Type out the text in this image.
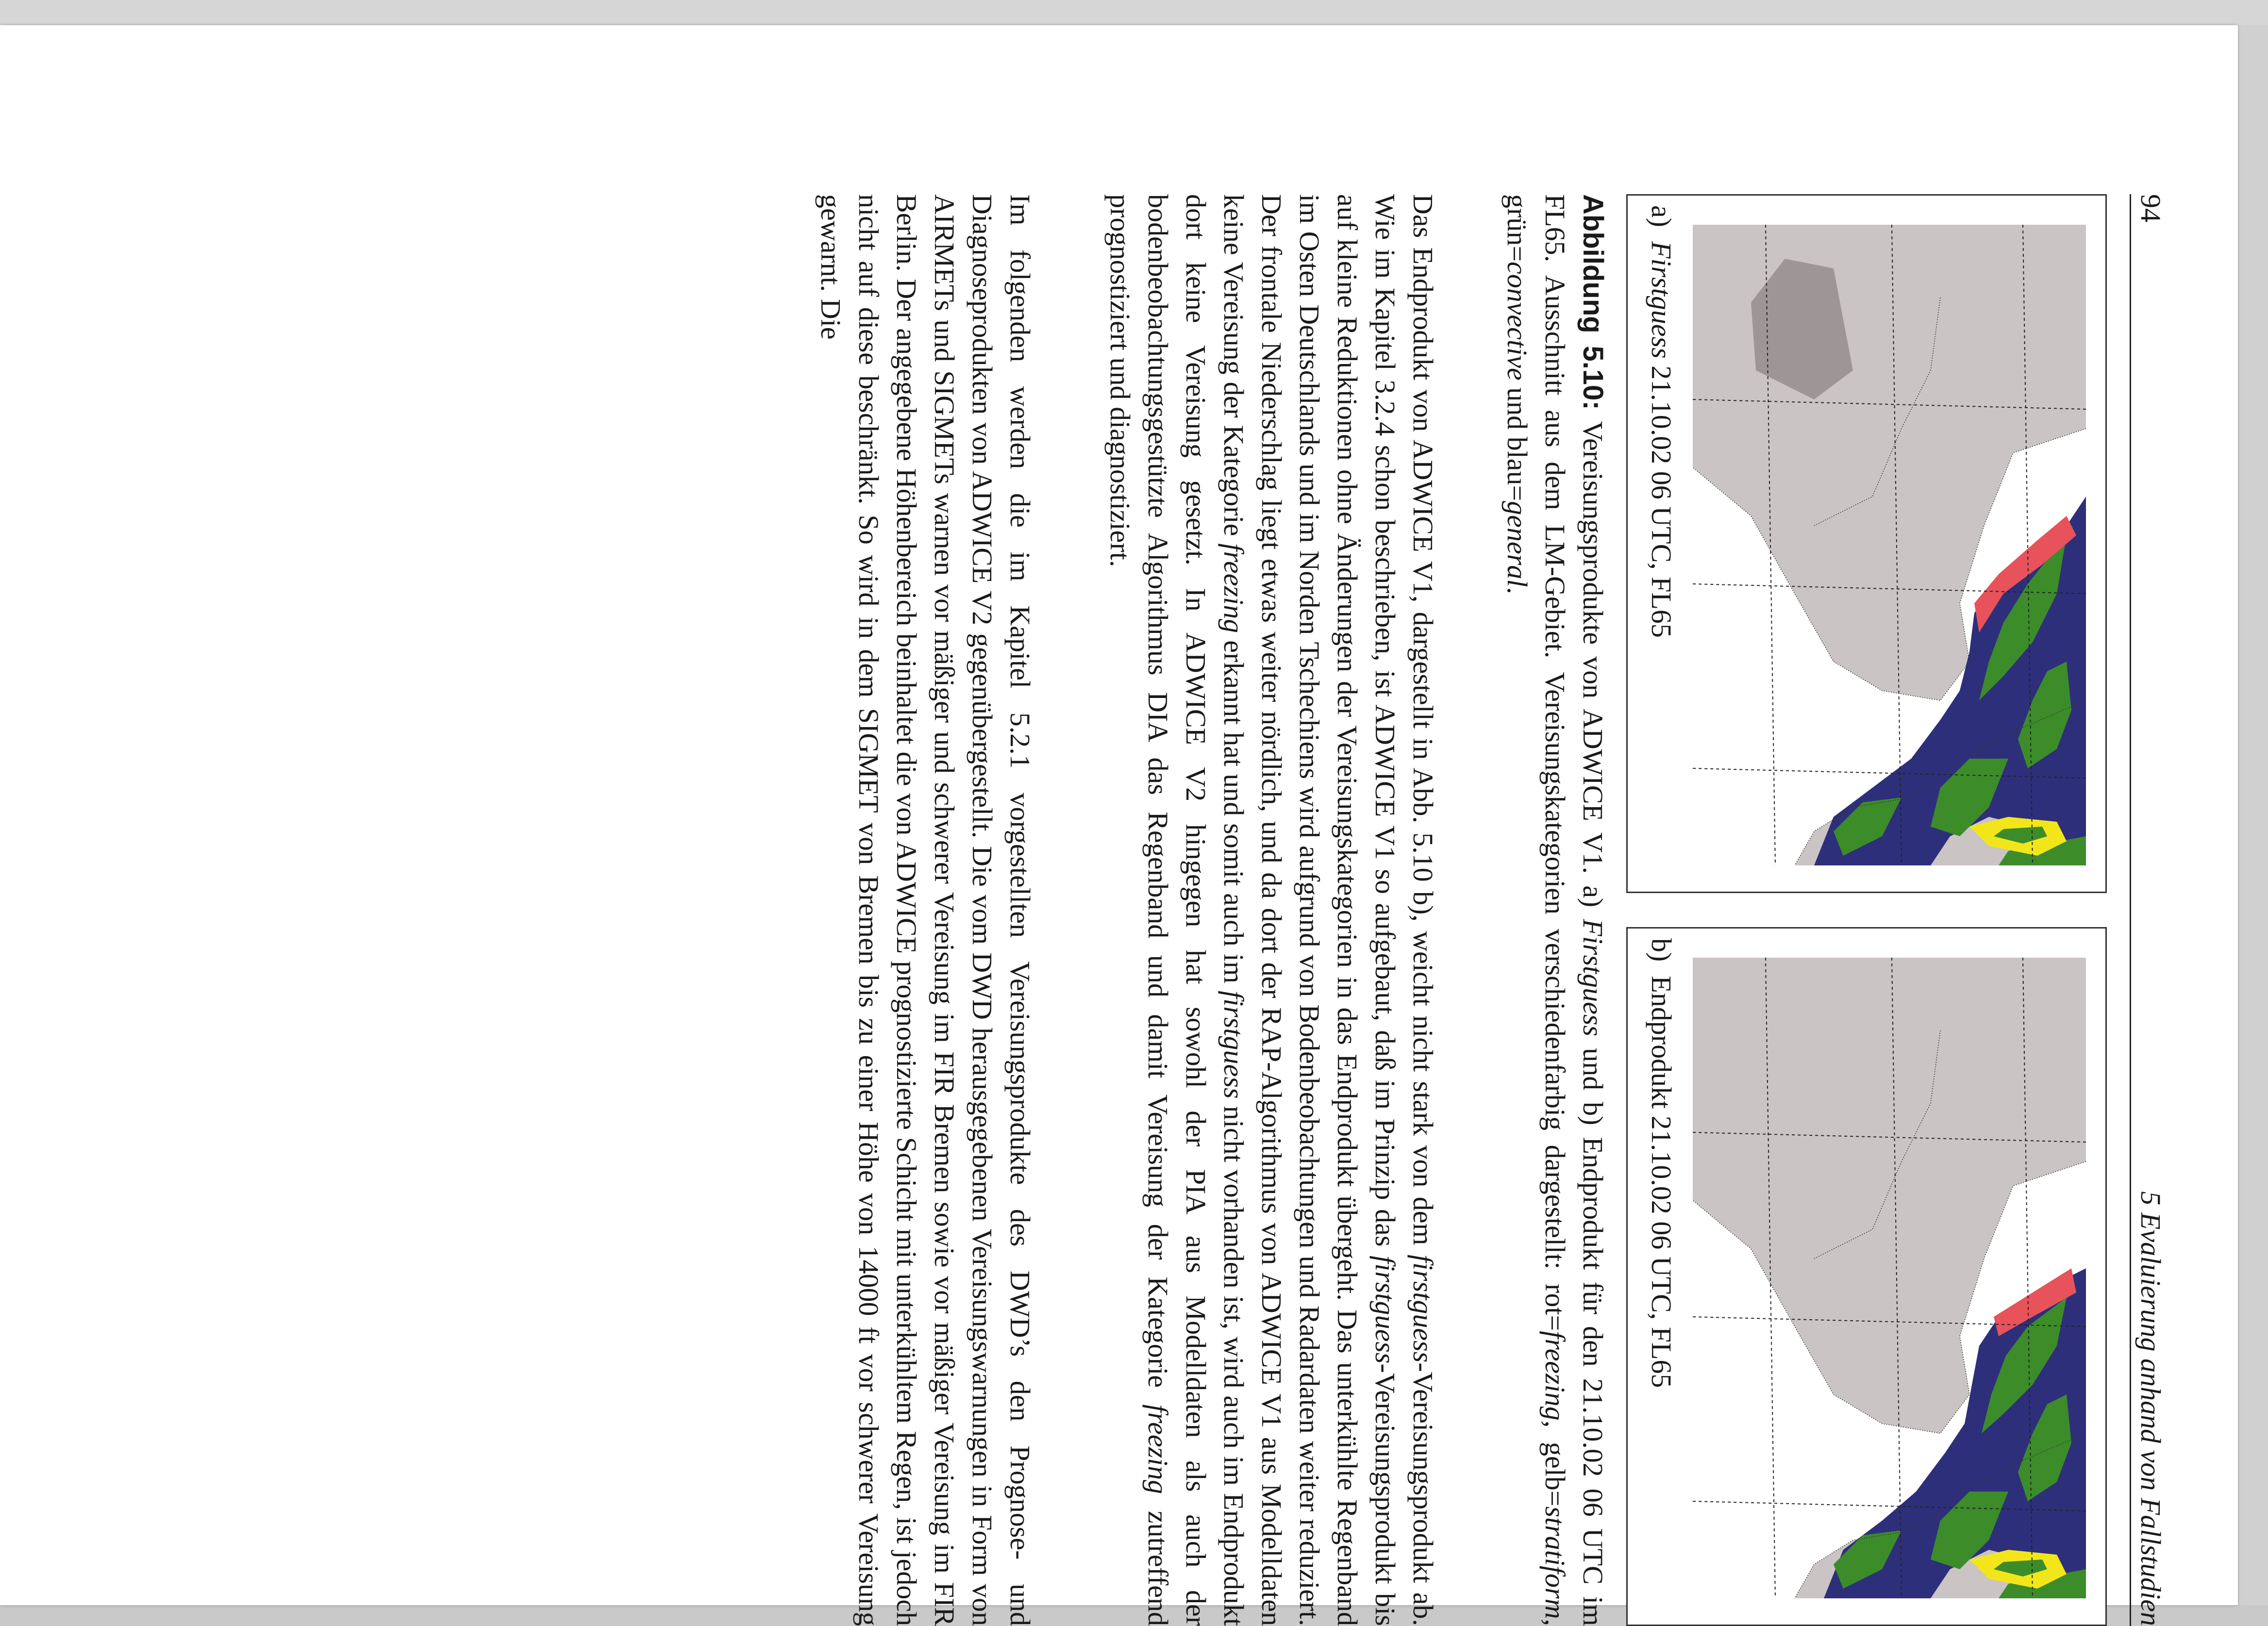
94
5 Evaluierung anhand von Fallstudien
a)  Firstguess 21.10.02 06 UTC, FL65
b)  Endprodukt 21.10.02 06 UTC, FL65
Abbildung 5.10: Vereisungsprodukte von ADWICE V1. a) Firstguess und b) Endprodukt für den 21.10.02 06 UTC im FL65. Ausschnitt aus dem LM-Gebiet. Vereisungskategorien verschiedenfarbig dargestellt: rot=freezing, gelb=stratiform, grün=convective und blau=general.

Das Endprodukt von ADWICE V1, dargestellt in Abb. 5.10 b), weicht nicht stark von dem firstguess-Vereisungsprodukt ab. Wie im Kapitel 3.2.4 schon beschrieben, ist ADWICE V1 so aufgebaut, daß im Prinzip das firstguess-Vereisungsprodukt bis auf kleine Reduktionen ohne Änderungen der Vereisungskategorien in das Endprodukt übergeht. Das unterkühlte Regenband im Osten Deutschlands und im Norden Tschechiens wird aufgrund von Bodenbeobachtungen und Radardaten weiter reduziert. Der frontale Niederschlag liegt etwas weiter nördlich, und da dort der RAP-Algorithmus von ADWICE V1 aus Modelldaten keine Vereisung der Kategorie freezing erkannt hat und somit auch im firstguess nicht vorhanden ist, wird auch im Endprodukt dort keine Vereisung gesetzt. In ADWICE V2 hingegen hat sowohl der PIA aus Modelldaten als auch der bodenbeobachtungsgestützte Algorithmus DIA das Regenband und damit Vereisung der Kategorie freezing zutreffend prognostiziert und diagnostiziert.

Im folgenden werden die im Kapitel 5.2.1 vorgestellten Vereisungsprodukte des DWD’s den Prognose- und Diagnoseprodukten von ADWICE V2 gegenübergestellt. Die vom DWD herausgegebenen Vereisungswarnungen in Form von AIRMETs und SIGMETs warnen vor mäßiger und schwerer Vereisung im FIR Bremen sowie vor mäßiger Vereisung im FIR Berlin. Der angegebene Höhenbereich beinhaltet die von ADWICE prognostizierte Schicht mit unterkühltem Regen, ist jedoch nicht auf diese beschränkt. So wird in dem SIGMET von Bremen bis zu einer Höhe von 14000 ft vor schwerer Vereisung gewarnt. Die
